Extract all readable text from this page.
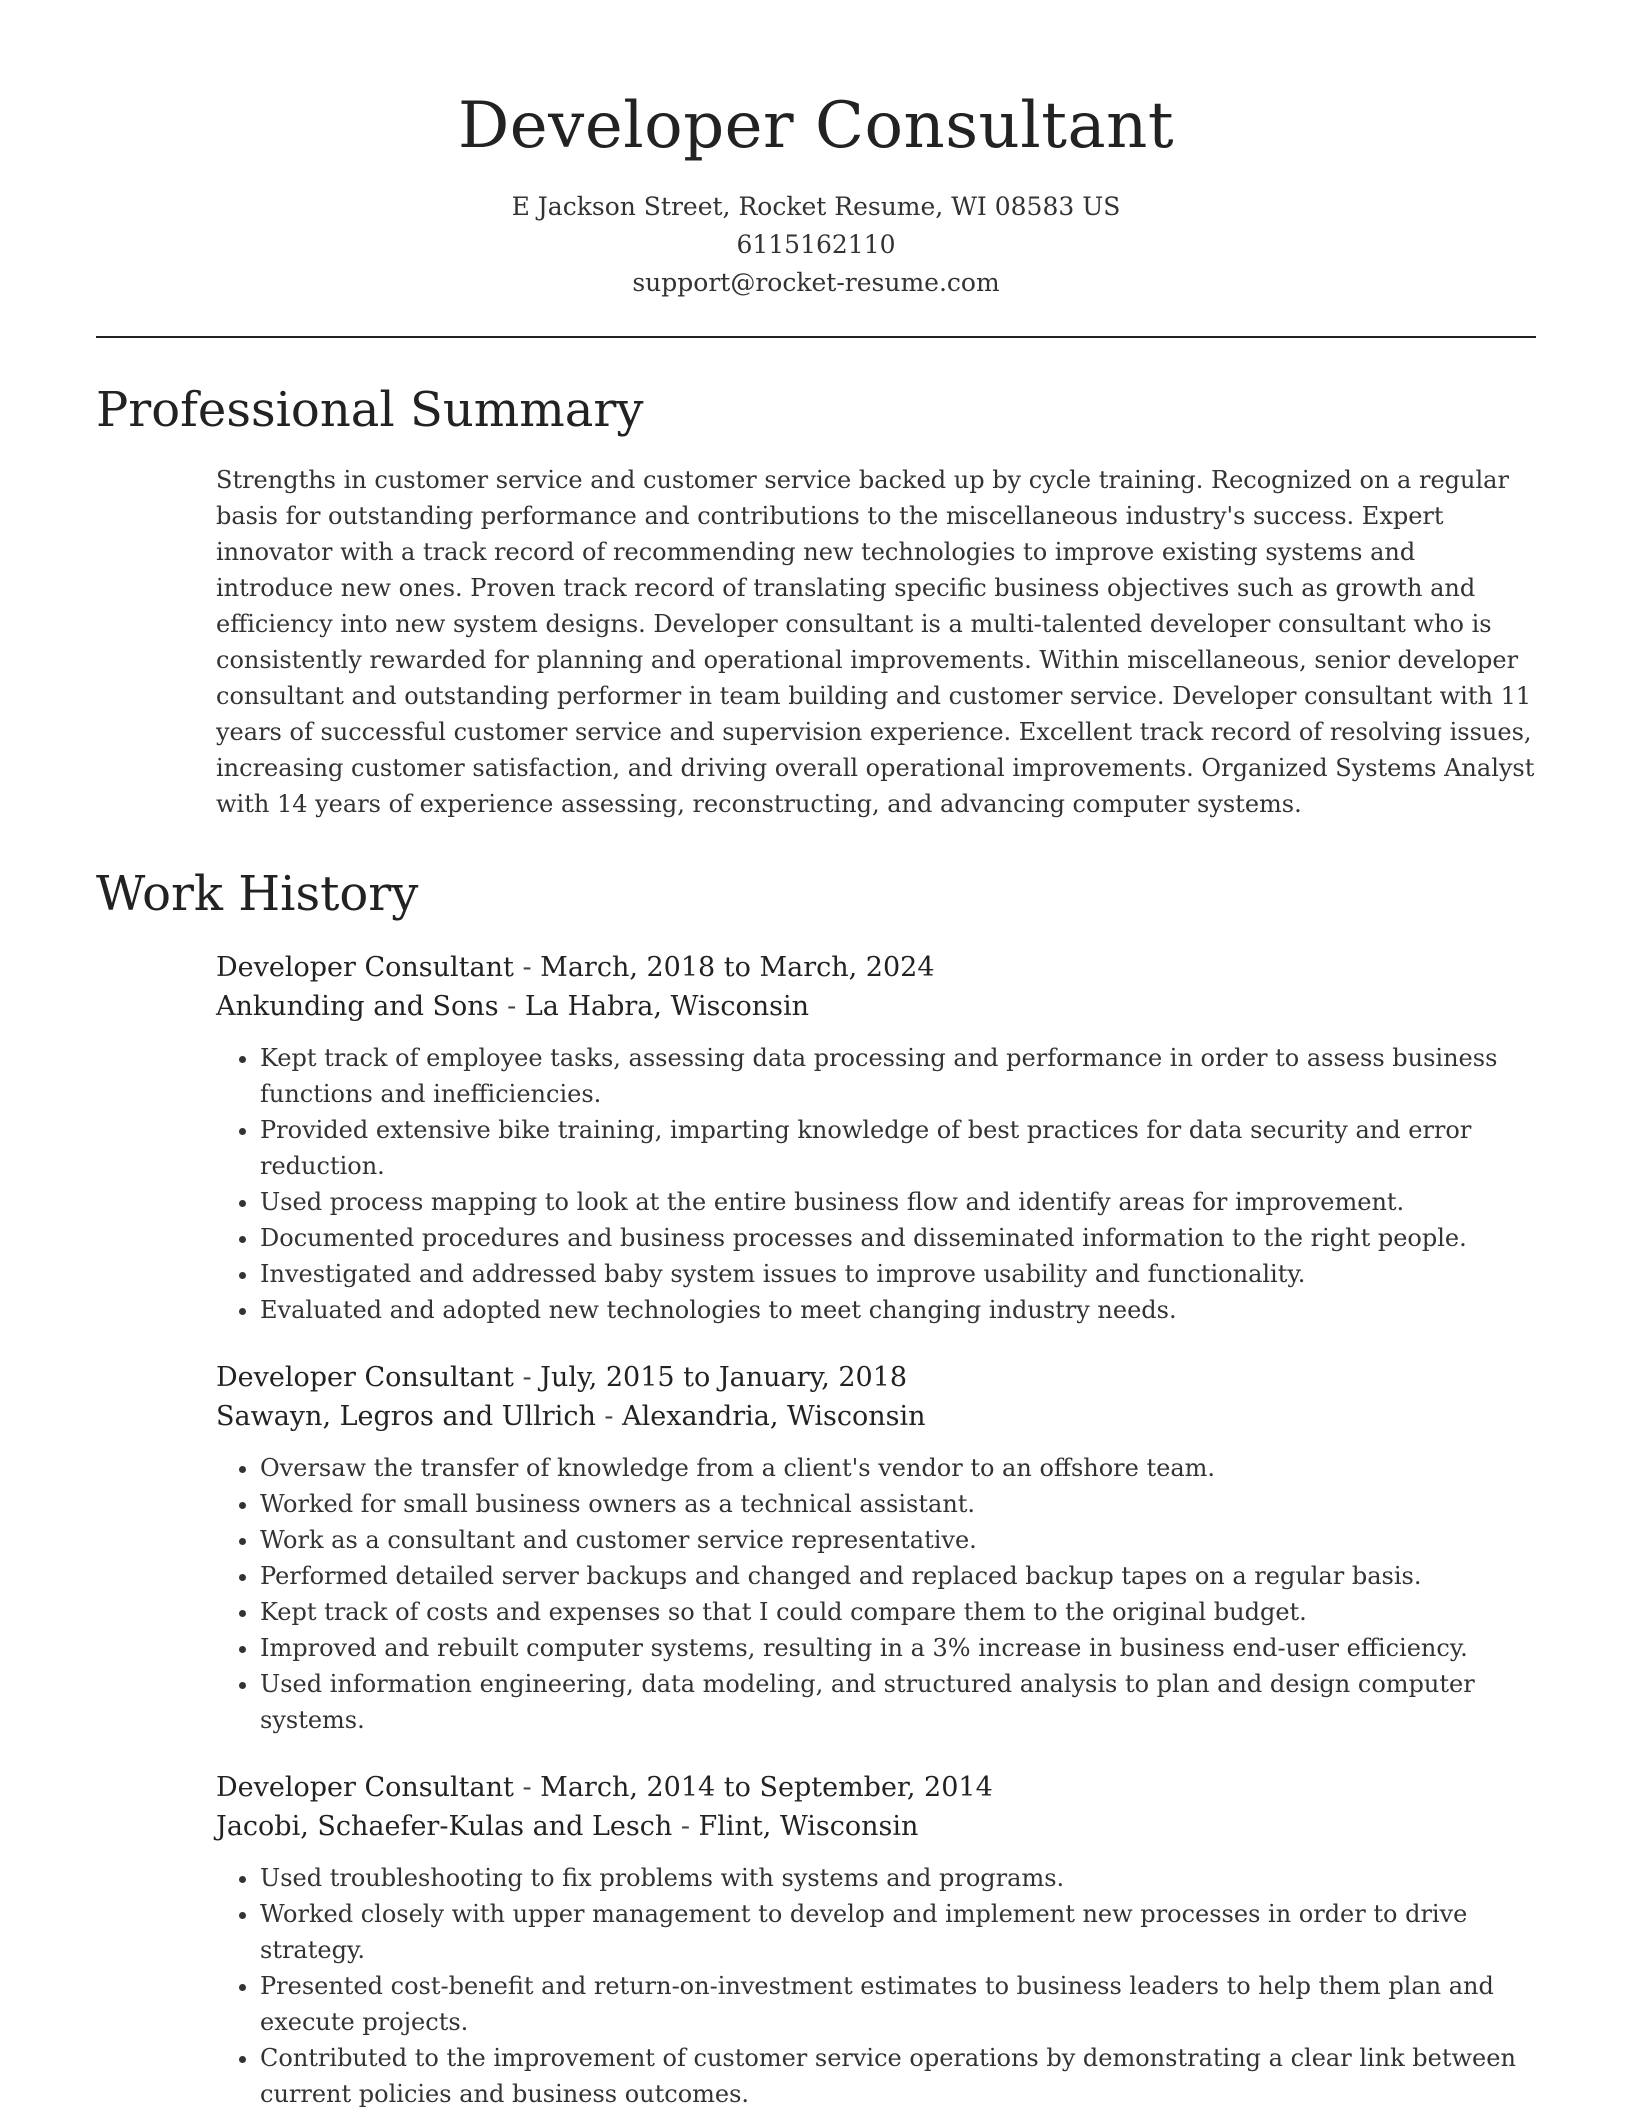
Developer Consultant
E Jackson Street, Rocket Resume, WI 08583 US
6115162110
support@rocket-resume.com
Professional Summary

Strengths in customer service and customer service backed up by cycle training. Recognized on a regular basis for outstanding performance and contributions to the miscellaneous industry's success. Expert innovator with a track record of recommending new technologies to improve existing systems and introduce new ones. Proven track record of translating specific business objectives such as growth and efficiency into new system designs. Developer consultant is a multi-talented developer consultant who is consistently rewarded for planning and operational improvements. Within miscellaneous, senior developer consultant and outstanding performer in team building and customer service. Developer consultant with 11 years of successful customer service and supervision experience. Excellent track record of resolving issues, increasing customer satisfaction, and driving overall operational improvements. Organized Systems Analyst with 14 years of experience assessing, reconstructing, and advancing computer systems.

Work History
Developer Consultant - March, 2018 to March, 2024
Ankunding and Sons - La Habra, Wisconsin
• Kept track of employee tasks, assessing data processing and performance in order to assess business functions and inefficiencies.
• Provided extensive bike training, imparting knowledge of best practices for data security and error reduction.
• Used process mapping to look at the entire business flow and identify areas for improvement.
• Documented procedures and business processes and disseminated information to the right people.
• Investigated and addressed baby system issues to improve usability and functionality.
• Evaluated and adopted new technologies to meet changing industry needs.
Developer Consultant - July, 2015 to January, 2018
Sawayn, Legros and Ullrich - Alexandria, Wisconsin
• Oversaw the transfer of knowledge from a client's vendor to an offshore team.
• Worked for small business owners as a technical assistant.
• Work as a consultant and customer service representative.
• Performed detailed server backups and changed and replaced backup tapes on a regular basis.
• Kept track of costs and expenses so that I could compare them to the original budget.
• Improved and rebuilt computer systems, resulting in a 3% increase in business end-user efficiency.
• Used information engineering, data modeling, and structured analysis to plan and design computer systems.
Developer Consultant - March, 2014 to September, 2014
Jacobi, Schaefer-Kulas and Lesch - Flint, Wisconsin
• Used troubleshooting to fix problems with systems and programs.
• Worked closely with upper management to develop and implement new processes in order to drive strategy.
• Presented cost-benefit and return-on-investment estimates to business leaders to help them plan and execute projects.
• Contributed to the improvement of customer service operations by demonstrating a clear link between current policies and business outcomes.
